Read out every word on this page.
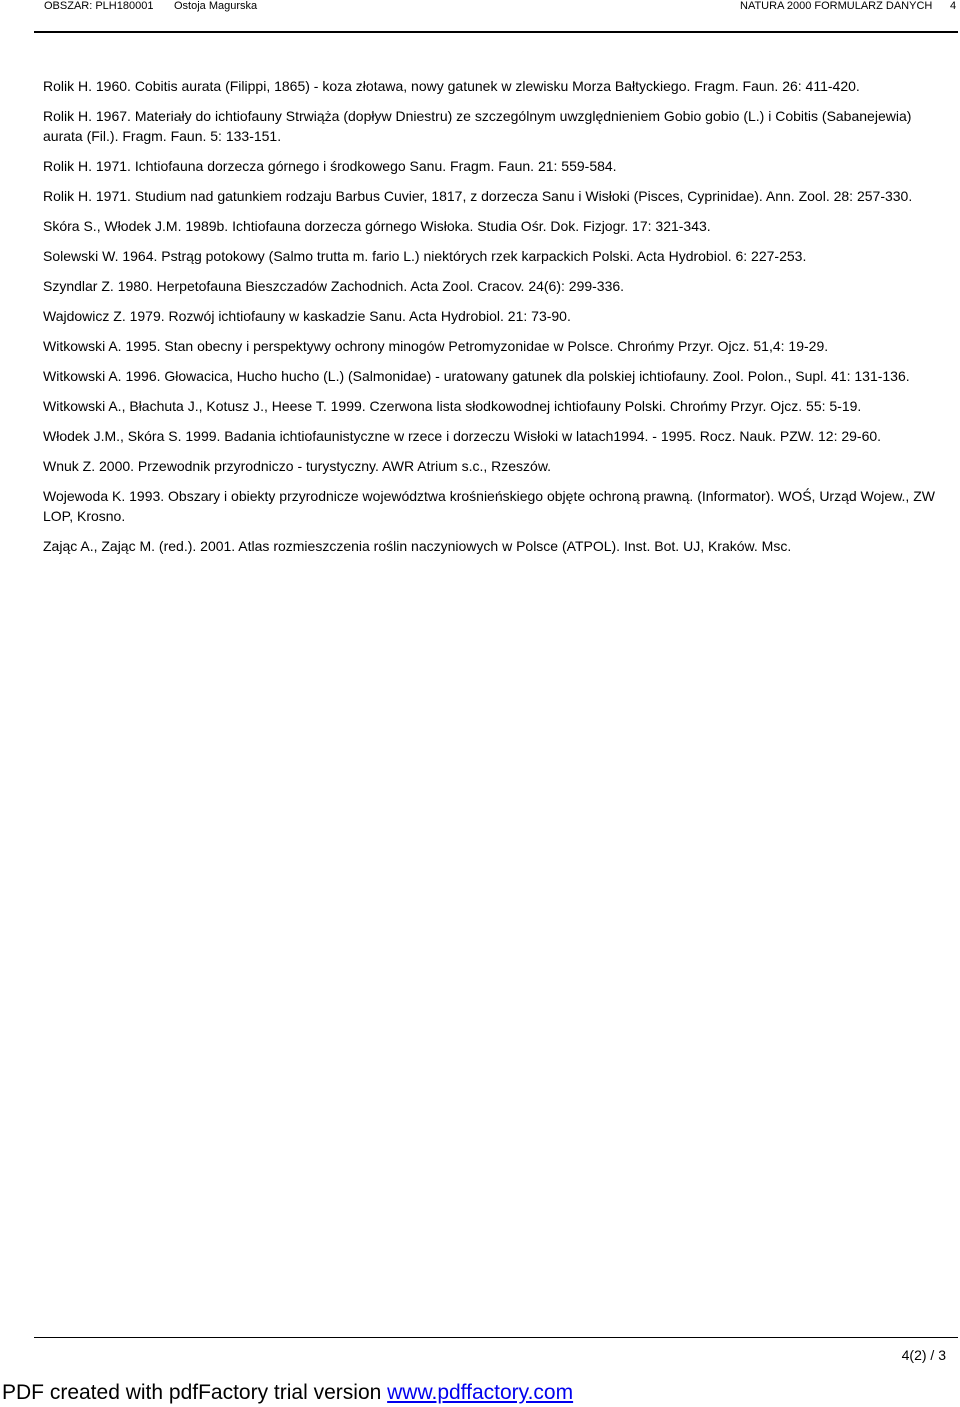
OBSZAR: PLH180001 Ostoja Magurska	NATURA 2000 FORMULARZ DANYCH 4

Rolik H. 1960. Cobitis aurata (Filippi, 1865) - koza złotawa, nowy gatunek w zlewisku Morza Bałtyckiego. Fragm. Faun. 26: 411-420.

Rolik H. 1967. Materiały do ichtiofauny Strwiąża (dopływ Dniestru) ze szczególnym uwzględnieniem Gobio gobio (L.) i Cobitis (Sabanejewia) aurata (Fil.). Fragm. Faun. 5: 133-151.

Rolik H. 1971. Ichtiofauna dorzecza górnego i środkowego Sanu. Fragm. Faun. 21: 559-584.

Rolik H. 1971. Studium nad gatunkiem rodzaju Barbus Cuvier, 1817, z dorzecza Sanu i Wisłoki (Pisces, Cyprinidae). Ann. Zool. 28: 257-330.

Skóra S., Włodek J.M. 1989b. Ichtiofauna dorzecza górnego Wisłoka. Studia Ośr. Dok. Fizjogr. 17: 321-343.

Solewski W. 1964. Pstrąg potokowy (Salmo trutta m. fario L.) niektórych rzek karpackich Polski. Acta Hydrobiol. 6: 227-253.

Szyndlar Z. 1980. Herpetofauna Bieszczadów Zachodnich. Acta Zool. Cracov. 24(6): 299-336.

Wajdowicz Z. 1979. Rozwój ichtiofauny w kaskadzie Sanu. Acta Hydrobiol. 21: 73-90.

Witkowski A. 1995. Stan obecny i perspektywy ochrony minogów Petromyzonidae w Polsce. Chrońmy Przyr. Ojcz. 51,4: 19-29.

Witkowski A. 1996. Głowacica, Hucho hucho (L.) (Salmonidae) - uratowany gatunek dla polskiej ichtiofauny. Zool. Polon., Supl. 41: 131-136.

Witkowski A., Błachuta J., Kotusz J., Heese T. 1999. Czerwona lista słodkowodnej ichtiofauny Polski. Chrońmy Przyr. Ojcz. 55: 5-19.

Włodek J.M., Skóra S. 1999. Badania ichtiofaunistyczne w rzece i dorzeczu Wisłoki w latach1994. - 1995. Rocz. Nauk. PZW. 12: 29-60.

Wnuk Z. 2000. Przewodnik przyrodniczo - turystyczny. AWR Atrium s.c., Rzeszów.

Wojewoda K. 1993. Obszary i obiekty przyrodnicze województwa krośnieńskiego objęte ochroną prawną. (Informator). WOŚ, Urząd Wojew., ZW LOP, Krosno.

Zając A., Zając M. (red.). 2001. Atlas rozmieszczenia roślin naczyniowych w Polsce (ATPOL). Inst. Bot. UJ, Kraków. Msc.

4(2) / 3
PDF created with pdfFactory trial version www.pdffactory.com
